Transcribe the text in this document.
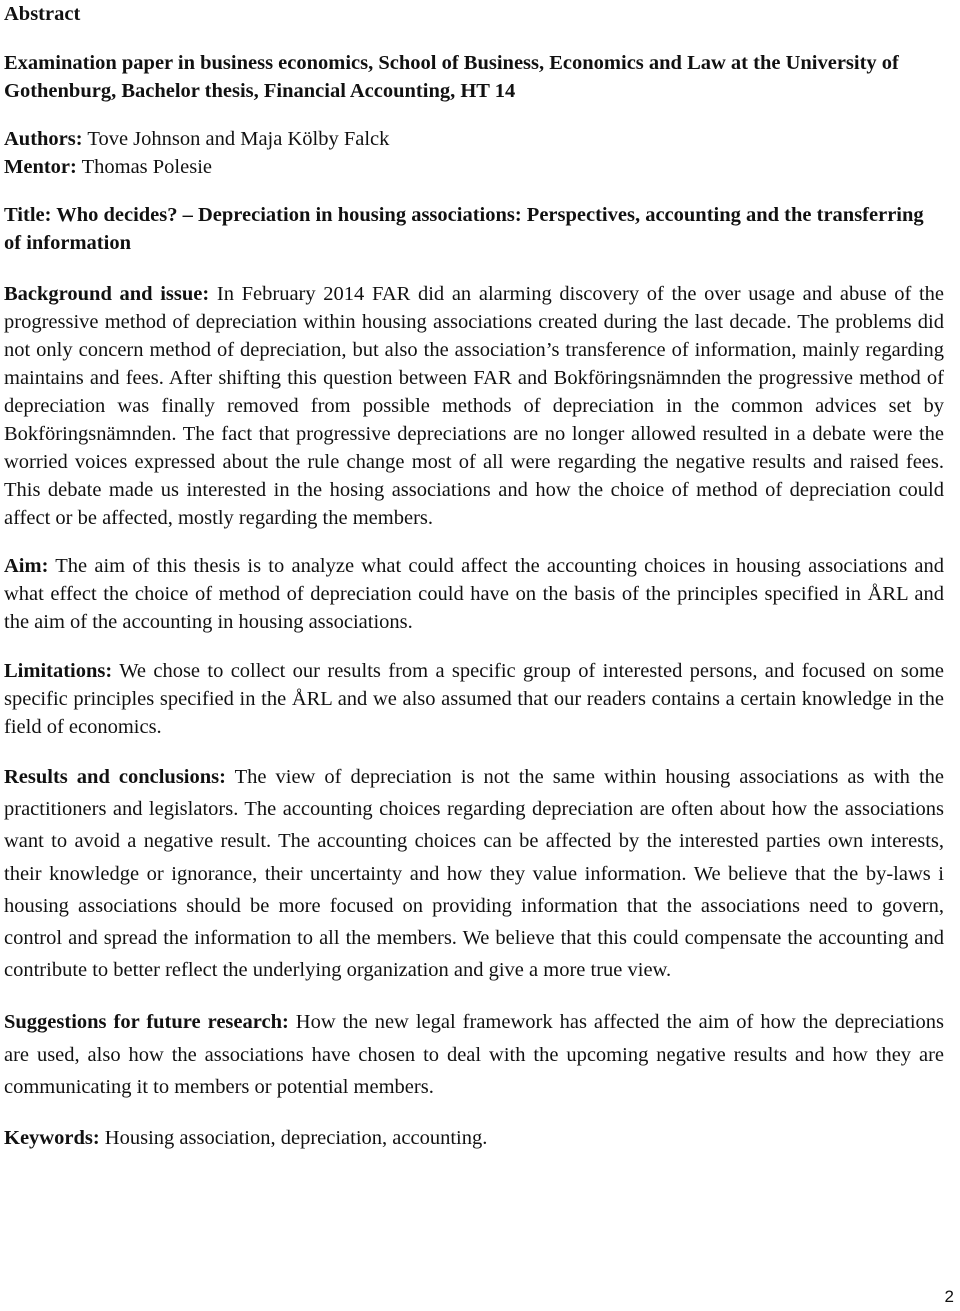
Abstract
Examination paper in business economics, School of Business, Economics and Law at the University of Gothenburg, Bachelor thesis, Financial Accounting, HT 14
Authors: Tove Johnson and Maja Kölby Falck
Mentor: Thomas Polesie
Title: Who decides? – Depreciation in housing associations: Perspectives, accounting and the transferring of information
Background and issue: In February 2014 FAR did an alarming discovery of the over usage and abuse of the progressive method of depreciation within housing associations created during the last decade. The problems did not only concern method of depreciation, but also the association’s transference of information, mainly regarding maintains and fees. After shifting this question between FAR and Bokföringsnämnden the progressive method of depreciation was finally removed from possible methods of depreciation in the common advices set by Bokföringsnämnden. The fact that progressive depreciations are no longer allowed resulted in a debate were the worried voices expressed about the rule change most of all were regarding the negative results and raised fees. This debate made us interested in the hosing associations and how the choice of method of depreciation could affect or be affected, mostly regarding the members.
Aim: The aim of this thesis is to analyze what could affect the accounting choices in housing associations and what effect the choice of method of depreciation could have on the basis of the principles specified in ÅRL and the aim of the accounting in housing associations.
Limitations: We chose to collect our results from a specific group of interested persons, and focused on some specific principles specified in the ÅRL and we also assumed that our readers contains a certain knowledge in the field of economics.
Results and conclusions: The view of depreciation is not the same within housing associations as with the practitioners and legislators. The accounting choices regarding depreciation are often about how the associations want to avoid a negative result. The accounting choices can be affected by the interested parties own interests, their knowledge or ignorance, their uncertainty and how they value information. We believe that the by-laws i housing associations should be more focused on providing information that the associations need to govern, control and spread the information to all the members. We believe that this could compensate the accounting and contribute to better reflect the underlying organization and give a more true view.
Suggestions for future research: How the new legal framework has affected the aim of how the depreciations are used, also how the associations have chosen to deal with the upcoming negative results and how they are communicating it to members or potential members.
Keywords: Housing association, depreciation, accounting.
2
